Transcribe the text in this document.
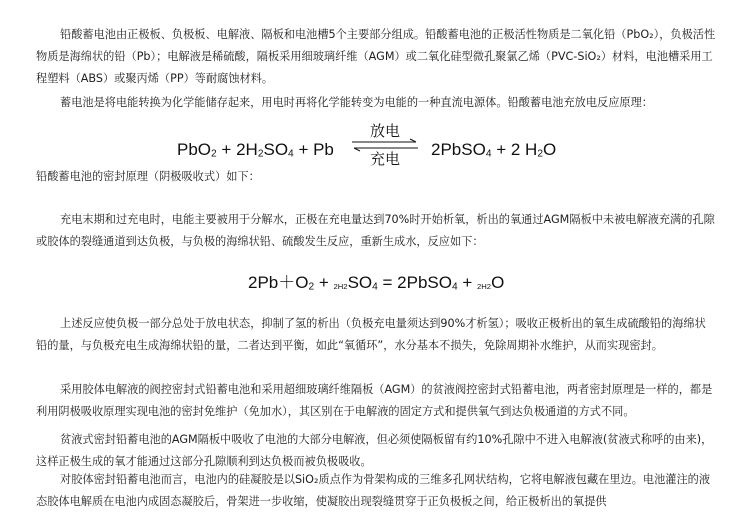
铅酸蓄电池由正极板、负极板、电解液、隔板和电池槽5个主要部分组成。铅酸蓄电池的正极活性物质是二氧化铅（PbO₂），负极活性物质是海绵状的铅（Pb）；电解液是稀硫酸，隔板采用细玻璃纤维（AGM）或二氧化硅型微孔聚氯乙烯（PVC-SiO₂）材料，电池槽采用工程塑料（ABS）或聚丙烯（PP）等耐腐蚀材料。

蓄电池是将电能转换为化学能储存起来，用电时再将化学能转变为电能的一种直流电源体。铅酸蓄电池充放电反应原理：

$PbO_2 + 2H_2SO_4 + Pb$
放电
充电	2PbSO$_4$ + 2 $H_2O$

铅酸蓄电池的密封原理（阴极吸收式）如下：

充电末期和过充电时，电能主要被用于分解水，正极在充电量达到70%时开始析氧，析出的氧通过AGM隔板中未被电解液充满的孔隙或胶体的裂缝通道到达负极，与负极的海绵状铅、硫酸发生反应，重新生成水，反应如下：

$2Pb+O_2 + 2H2SO_4$ = 2PbSO$_4$ + 2H2O

上述反应使负极一部分总处于放电状态，抑制了氢的析出（负极充电量须达到90%才析氢）；吸收正极析出的氧生成硫酸铅的海绵状铅的量，与负极充电生成海绵状铅的量，二者达到平衡，如此“氧循环”，水分基本不损失，免除周期补水维护，从而实现密封。

采用胶体电解液的阀控密封式铅蓄电池和采用超细玻璃纤维隔板（AGM）的贫液阀控密封式铅蓄电池，两者密封原理是一样的，都是利用阴极吸收原理实现电池的密封免维护（免加水），其区别在于电解液的固定方式和提供氧气到达负极通道的方式不同。

贫液式密封铅蓄电池的AGM隔板中吸收了电池的大部分电解液，但必须使隔板留有约10%孔隙中不进入电解液(贫液式称呼的由来)，这样正极生成的氧才能通过这部分孔隙顺利到达负极而被负极吸收。

对胶体密封铅蓄电池而言，电池内的硅凝胶是以SiO₂质点作为骨架构成的三维多孔网状结构，它将电解液包藏在里边。电池灌注的液态胶体电解质在电池内成固态凝胶后，骨架进一步收缩，使凝胶出现裂缝贯穿于正负极板之间，给正极析出的氧提供
